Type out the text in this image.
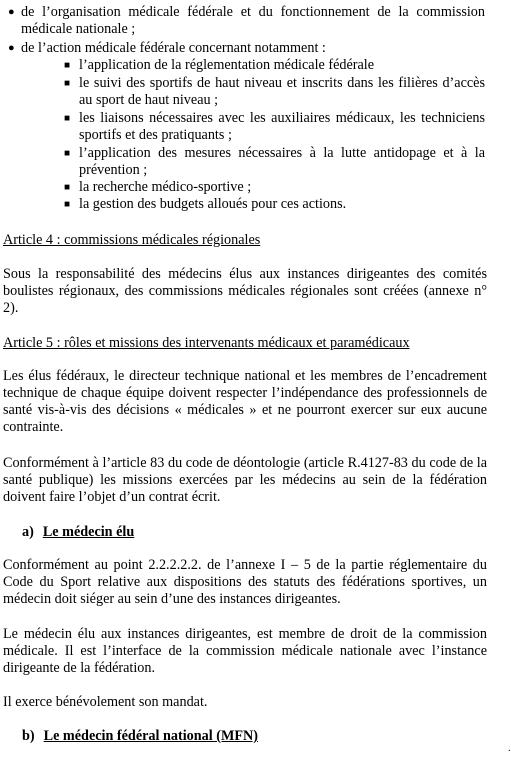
● de l’organisation médicale fédérale et du fonctionnement de la commission médicale nationale ;
● de l’action médicale fédérale concernant notamment :
■ l’application de la réglementation médicale fédérale
■ le suivi des sportifs de haut niveau et inscrits dans les filières d’accès au sport de haut niveau ;
■ les liaisons nécessaires avec les auxiliaires médicaux, les techniciens sportifs et des pratiquants ;
■ l’application des mesures nécessaires à la lutte antidopage et à la prévention ;
■ la recherche médico-sportive ;
■ la gestion des budgets alloués pour ces actions.
Article 4 : commissions médicales régionales
Sous la responsabilité des médecins élus aux instances dirigeantes des comités boulistes régionaux, des commissions médicales régionales sont créées (annexe n° 2).
Article 5 : rôles et missions des intervenants médicaux et paramédicaux
Les élus fédéraux, le directeur technique national et les membres de l’encadrement technique de chaque équipe doivent respecter l’indépendance des professionnels de santé vis-à-vis des décisions « médicales » et ne pourront exercer sur eux aucune contrainte.
Conformément à l’article 83 du code de déontologie (article R.4127-83 du code de la santé publique) les missions exercées par les médecins au sein de la fédération doivent faire l’objet d’un contrat écrit.
a) Le médecin élu
Conformément au point 2.2.2.2.2. de l’annexe I – 5 de la partie réglementaire du Code du Sport relative aux dispositions des statuts des fédérations sportives, un médecin doit siéger au sein d’une des instances dirigeantes.
Le médecin élu aux instances dirigeantes, est membre de droit de la commission médicale. Il est l’interface de la commission médicale nationale avec l’instance dirigeante de la fédération.
Il exerce bénévolement son mandat.
b) Le médecin fédéral national (MFN)
.
